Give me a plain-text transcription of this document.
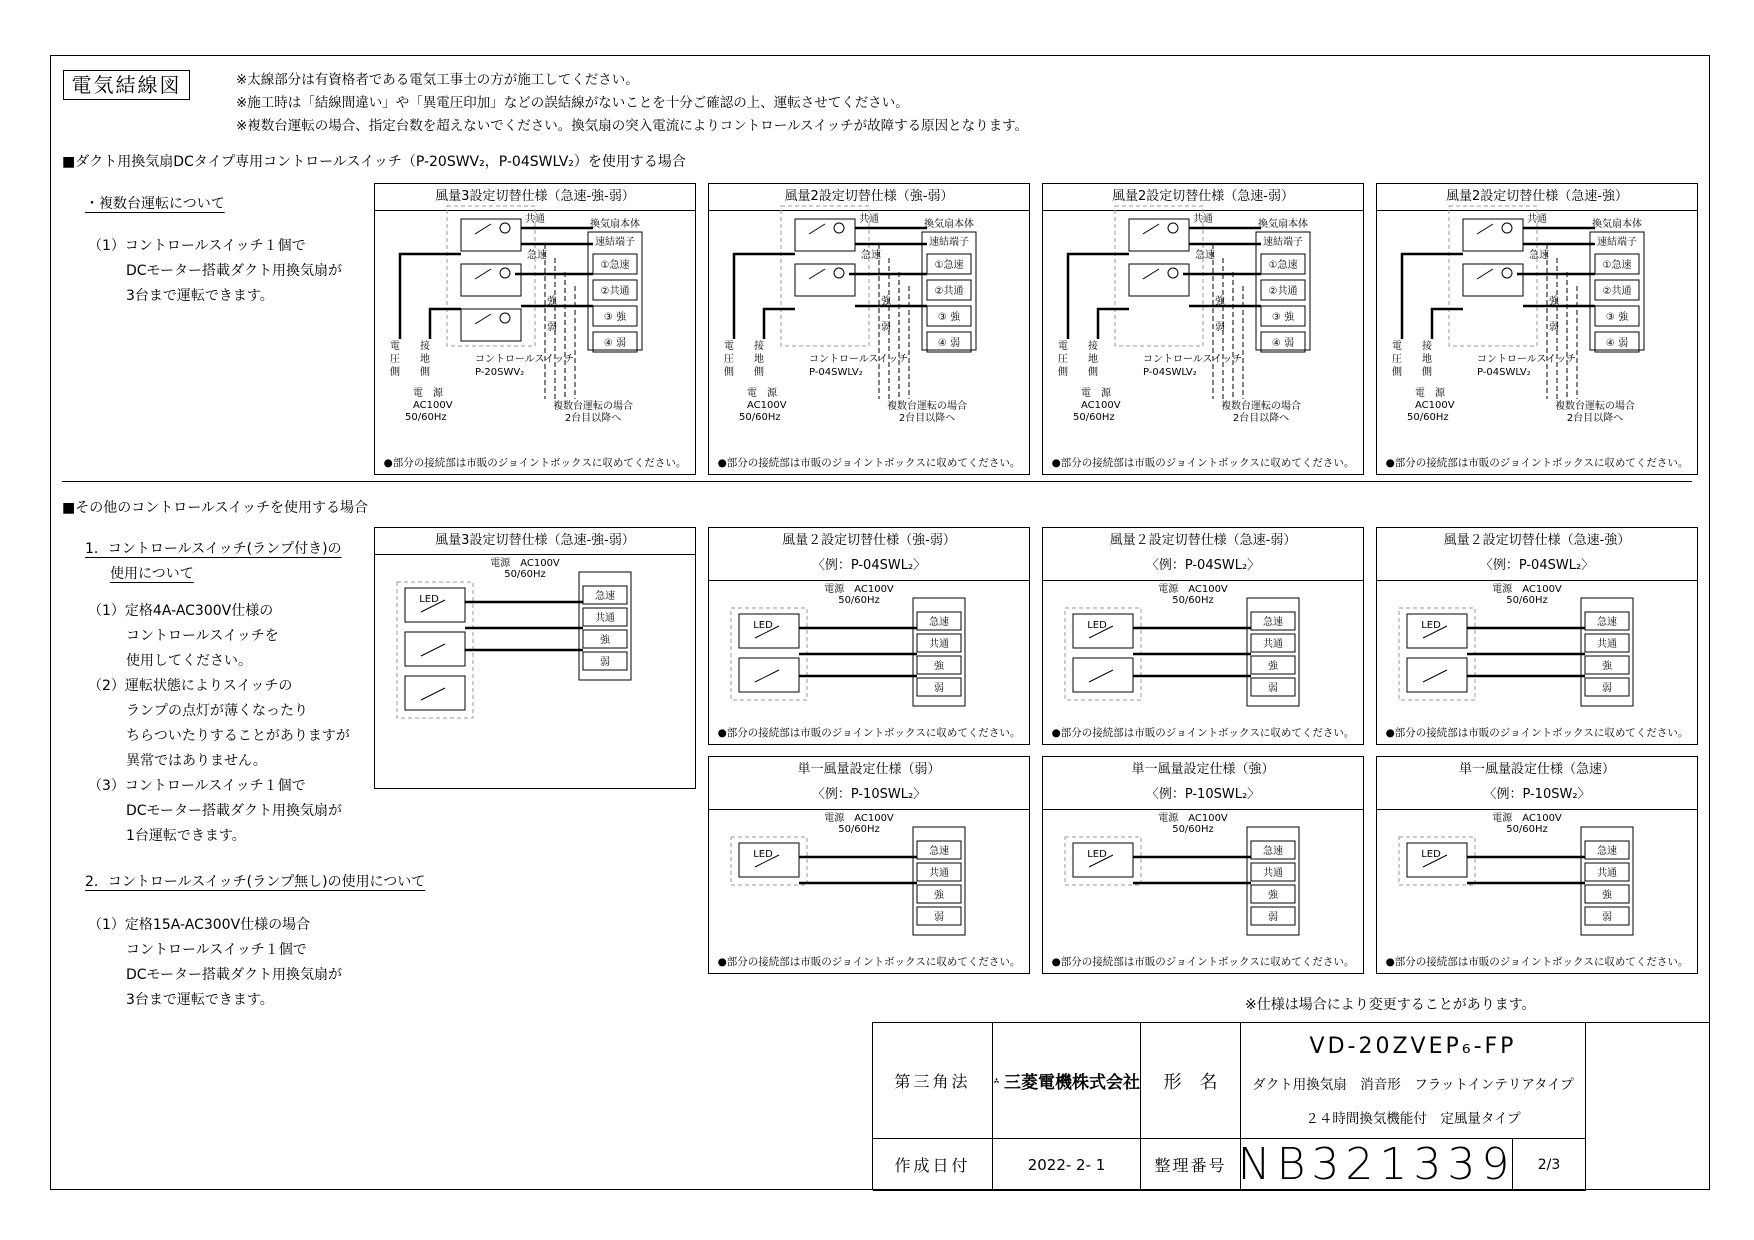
電気結線図	※太線部分は有資格者である電気工事士の方が施工してください。
※施工時は「結線間違い」や「異電圧印加」などの誤結線がないことを十分ご確認の上、運転させてください。
※複数台運転の場合、指定台数を超えないでください。換気扇の突入電流によりコントロールスイッチが故障する原因となります。
■ダクト用換気扇DCタイプ専用コントロールスイッチ（P-20SWV₂，P-04SWLV₂）を使用する場合
・複数台運転について
（1）コントロールスイッチ１個で
DCモーター搭載ダクト用換気扇が
3台まで運転できます。
風量3設定切替仕様（急速-強-弱）
換気扇本体
速結端子
①急速
②共通
③ 強
④ 弱
共通
急速
強
弱
電
圧
側
接
地
側
コントロールスイッチ
P-20SWV₂
電　源
AC100V
50/60Hz
複数台運転の場合
2台目以降へ
●部分の接続部は市販のジョイントボックスに収めてください。
風量2設定切替仕様（強-弱）
換気扇本体
速結端子
①急速
②共通
③ 強
④ 弱
共通
急速
強
弱
電
圧
側
接
地
側
コントロールスイッチ
P-04SWLV₂
電　源
AC100V
50/60Hz
複数台運転の場合
2台目以降へ
●部分の接続部は市販のジョイントボックスに収めてください。
風量2設定切替仕様（急速-弱）
換気扇本体
速結端子
①急速
②共通
③ 強
④ 弱
共通
急速
強
弱
電
圧
側
接
地
側
コントロールスイッチ
P-04SWLV₂
電　源
AC100V
50/60Hz
複数台運転の場合
2台目以降へ
●部分の接続部は市販のジョイントボックスに収めてください。
風量2設定切替仕様（急速-強）
換気扇本体
速結端子
①急速
②共通
③ 強
④ 弱
共通
急速
強
弱
電
圧
側
接
地
側
コントロールスイッチ
P-04SWLV₂
電　源
AC100V
50/60Hz
複数台運転の場合
2台目以降へ
●部分の接続部は市販のジョイントボックスに収めてください。
■その他のコントロールスイッチを使用する場合
1．コントロールスイッチ(ランプ付き)の
使用について
（1）定格4A-AC300V仕様の
コントロールスイッチを
使用してください。
（2）運転状態によりスイッチの
ランプの点灯が薄くなったり
ちらついたりすることがありますが
異常ではありません。
（3）コントロールスイッチ１個で
DCモーター搭載ダクト用換気扇が
1台運転できます。
2．コントロールスイッチ(ランプ無し)の使用について
（1）定格15A-AC300V仕様の場合
コントロールスイッチ１個で
DCモーター搭載ダクト用換気扇が
3台まで運転できます。
風量3設定切替仕様（急速-強-弱）
電源　AC100V
50/60Hz
急速
共通
強
弱
LED
風量２設定切替仕様（強-弱）
〈例：P-04SWL₂〉
電源　AC100V
50/60Hz
急速
共通
強
弱
LED
●部分の接続部は市販のジョイントボックスに収めてください。
風量２設定切替仕様（急速-弱）
〈例：P-04SWL₂〉
電源　AC100V
50/60Hz
急速
共通
強
弱
LED
●部分の接続部は市販のジョイントボックスに収めてください。
風量２設定切替仕様（急速-強）
〈例：P-04SWL₂〉
電源　AC100V
50/60Hz
急速
共通
強
弱
LED
●部分の接続部は市販のジョイントボックスに収めてください。
単一風量設定仕様（弱）
〈例：P-10SWL₂〉
電源　AC100V
50/60Hz
急速
共通
強
弱
LED
●部分の接続部は市販のジョイントボックスに収めてください。
単一風量設定仕様（強）
〈例：P-10SWL₂〉
電源　AC100V
50/60Hz
急速
共通
強
弱
LED
●部分の接続部は市販のジョイントボックスに収めてください。
単一風量設定仕様（急速）
〈例：P-10SW₂〉
電源　AC100V
50/60Hz
急速
共通
強
弱
LED
●部分の接続部は市販のジョイントボックスに収めてください。
※仕様は場合により変更することがあります。
第三角法	三菱電機株式会社	形　名
VD-20ZVEP₆-FP
ダクト用換気扇　消音形　フラットインテリアタイプ
２４時間換気機能付　定風量タイプ
作成日付	2022- 2- 1	整理番号 NB321339	2/3
